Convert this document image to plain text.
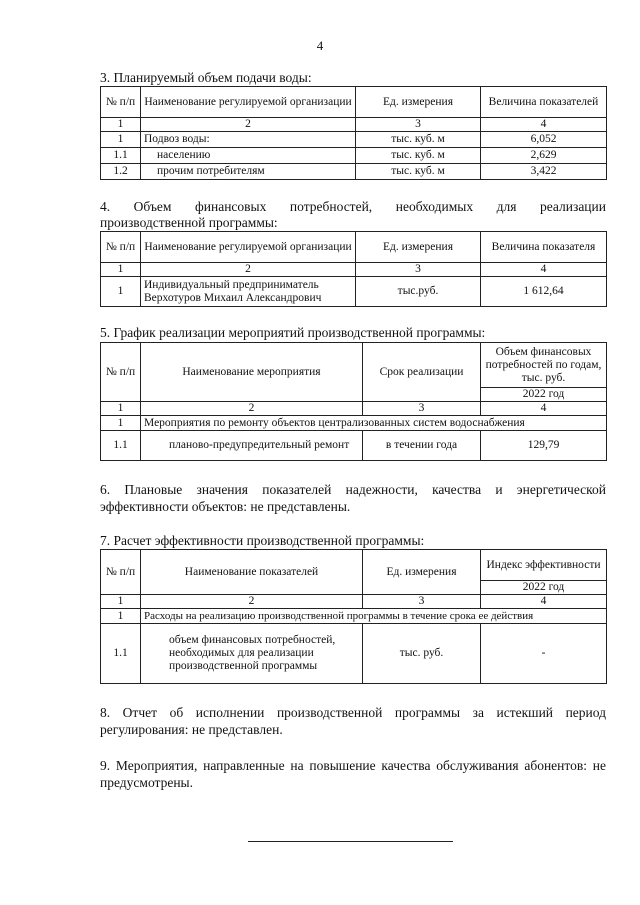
4
3. Планируемый объем подачи воды:
№ п/п	Наименование регулируемой организации	Ед. измерения	Величина показателей
1	2	3	4
1	Подвоз воды:	тыс. куб. м	6,052
1.1	населению	тыс. куб. м	2,629
1.2	прочим потребителям	тыс. куб. м	3,422
4. Объем финансовых потребностей, необходимых для реализации
производственной программы:
№ п/п	Наименование регулируемой организации	Ед. измерения	Величина показателя
1	2	3	4
1	Индивидуальный предприниматель Верхотуров Михаил Александрович	тыс.руб.	1 612,64
5. График реализации мероприятий производственной программы:
№ п/п	Наименование мероприятия	Срок реализации	Объем финансовых потребностей по годам, тыс. руб.
			2022 год
1	2	3	4
1	Мероприятия по ремонту объектов централизованных систем водоснабжения		
1.1	планово-предупредительный ремонт	в течении года	129,79
6. Плановые значения показателей надежности, качества и энергетической эффективности объектов: не представлены.
7. Расчет эффективности производственной программы:
№ п/п	Наименование показателей	Ед. измерения	Индекс эффективности
			2022 год
1	2	3	4
1	Расходы на реализацию производственной программы в течение срока ее действия		
1.1	объем финансовых потребностей, необходимых для реализации производственной программы	тыс. руб.	-
8. Отчет об исполнении производственной программы за истекший период регулирования: не представлен.
9. Мероприятия, направленные на повышение качества обслуживания абонентов: не предусмотрены.
